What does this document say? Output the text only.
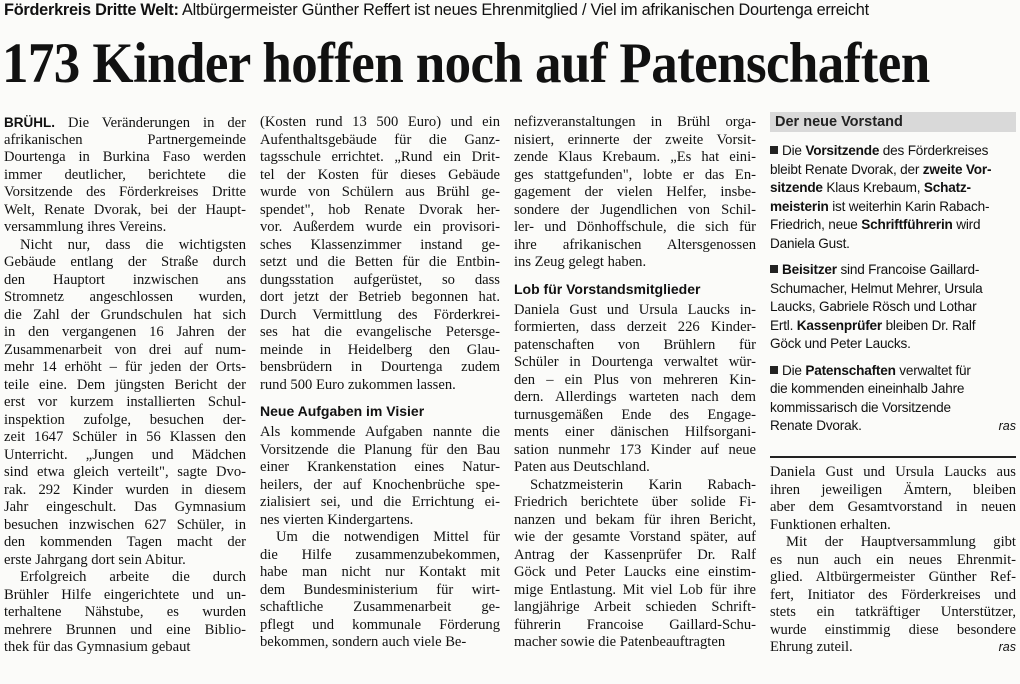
Förderkreis Dritte Welt: Altbürgermeister Günther Reffert ist neues Ehrenmitglied / Viel im afrikanischen Dourtenga erreicht
173 Kinder hoffen noch auf Patenschaften
BRÜHL. Die Veränderungen in der
afrikanischen Partnergemeinde
Dourtenga in Burkina Faso werden
immer deutlicher, berichtete die
Vorsitzende des Förderkreises Dritte
Welt, Renate Dvorak, bei der Haupt-
versammlung ihres Vereins.
Nicht nur, dass die wichtigsten
Gebäude entlang der Straße durch
den Hauptort inzwischen ans
Stromnetz angeschlossen wurden,
die Zahl der Grundschulen hat sich
in den vergangenen 16 Jahren der
Zusammenarbeit von drei auf num-
mehr 14 erhöht – für jeden der Orts-
teile eine. Dem jüngsten Bericht der
erst vor kurzem installierten Schul-
inspektion zufolge, besuchen der-
zeit 1647 Schüler in 56 Klassen den
Unterricht. „Jungen und Mädchen
sind etwa gleich verteilt", sagte Dvo-
rak. 292 Kinder wurden in diesem
Jahr eingeschult. Das Gymnasium
besuchen inzwischen 627 Schüler, in
den kommenden Tagen macht der
erste Jahrgang dort sein Abitur.
Erfolgreich arbeite die durch
Brühler Hilfe eingerichtete und un-
terhaltene Nähstube, es wurden
mehrere Brunnen und eine Biblio-
thek für das Gymnasium gebaut
(Kosten rund 13 500 Euro) und ein
Aufenthaltsgebäude für die Ganz-
tagsschule errichtet. „Rund ein Drit-
tel der Kosten für dieses Gebäude
wurde von Schülern aus Brühl ge-
spendet", hob Renate Dvorak her-
vor. Außerdem wurde ein provisori-
sches Klassenzimmer instand ge-
setzt und die Betten für die Entbin-
dungsstation aufgerüstet, so dass
dort jetzt der Betrieb begonnen hat.
Durch Vermittlung des Förderkrei-
ses hat die evangelische Petersge-
meinde in Heidelberg den Glau-
bensbrüdern in Dourtenga zudem
rund 500 Euro zukommen lassen.
Neue Aufgaben im Visier
Als kommende Aufgaben nannte die
Vorsitzende die Planung für den Bau
einer Krankenstation eines Natur-
heilers, der auf Knochenbrüche spe-
zialisiert sei, und die Errichtung ei-
nes vierten Kindergartens.
Um die notwendigen Mittel für
die Hilfe zusammenzubekommen,
habe man nicht nur Kontakt mit
dem Bundesministerium für wirt-
schaftliche Zusammenarbeit ge-
pflegt und kommunale Förderung
bekommen, sondern auch viele Be-
nefizveranstaltungen in Brühl orga-
nisiert, erinnerte der zweite Vorsit-
zende Klaus Krebaum. „Es hat eini-
ges stattgefunden", lobte er das En-
gagement der vielen Helfer, insbe-
sondere der Jugendlichen von Schil-
ler- und Dönhoffschule, die sich für
ihre afrikanischen Altersgenossen
ins Zeug gelegt haben.
Lob für Vorstandsmitglieder
Daniela Gust und Ursula Laucks in-
formierten, dass derzeit 226 Kinder-
patenschaften von Brühlern für
Schüler in Dourtenga verwaltet wür-
den – ein Plus von mehreren Kin-
dern. Allerdings warteten nach dem
turnusgemäßen Ende des Engage-
ments einer dänischen Hilfsorgani-
sation nunmehr 173 Kinder auf neue
Paten aus Deutschland.
Schatzmeisterin Karin Rabach-
Friedrich berichtete über solide Fi-
nanzen und bekam für ihren Bericht,
wie der gesamte Vorstand später, auf
Antrag der Kassenprüfer Dr. Ralf
Göck und Peter Laucks eine einstim-
mige Entlastung. Mit viel Lob für ihre
langjährige Arbeit schieden Schrift-
führerin Francoise Gaillard-Schu-
macher sowie die Patenbeauftragten
Der neue Vorstand
Die Vorsitzende des Förderkreises
bleibt Renate Dvorak, der zweite Vor-
sitzende Klaus Krebaum, Schatz-
meisterin ist weiterhin Karin Rabach-
Friedrich, neue Schriftführerin wird
Daniela Gust.
Beisitzer sind Francoise Gaillard-
Schumacher, Helmut Mehrer, Ursula
Laucks, Gabriele Rösch und Lothar
Ertl. Kassenprüfer bleiben Dr. Ralf
Göck und Peter Laucks.
Die Patenschaften verwaltet für
die kommenden eineinhalb Jahre
kommissarisch die Vorsitzende
Renate Dvorak.	ras
Daniela Gust und Ursula Laucks aus
ihren jeweiligen Ämtern, bleiben
aber dem Gesamtvorstand in neuen
Funktionen erhalten.
Mit der Hauptversammlung gibt
es nun auch ein neues Ehrenmit-
glied. Altbürgermeister Günther Ref-
fert, Initiator des Förderkreises und
stets ein tatkräftiger Unterstützer,
wurde einstimmig diese besondere
Ehrung zuteil.	ras
